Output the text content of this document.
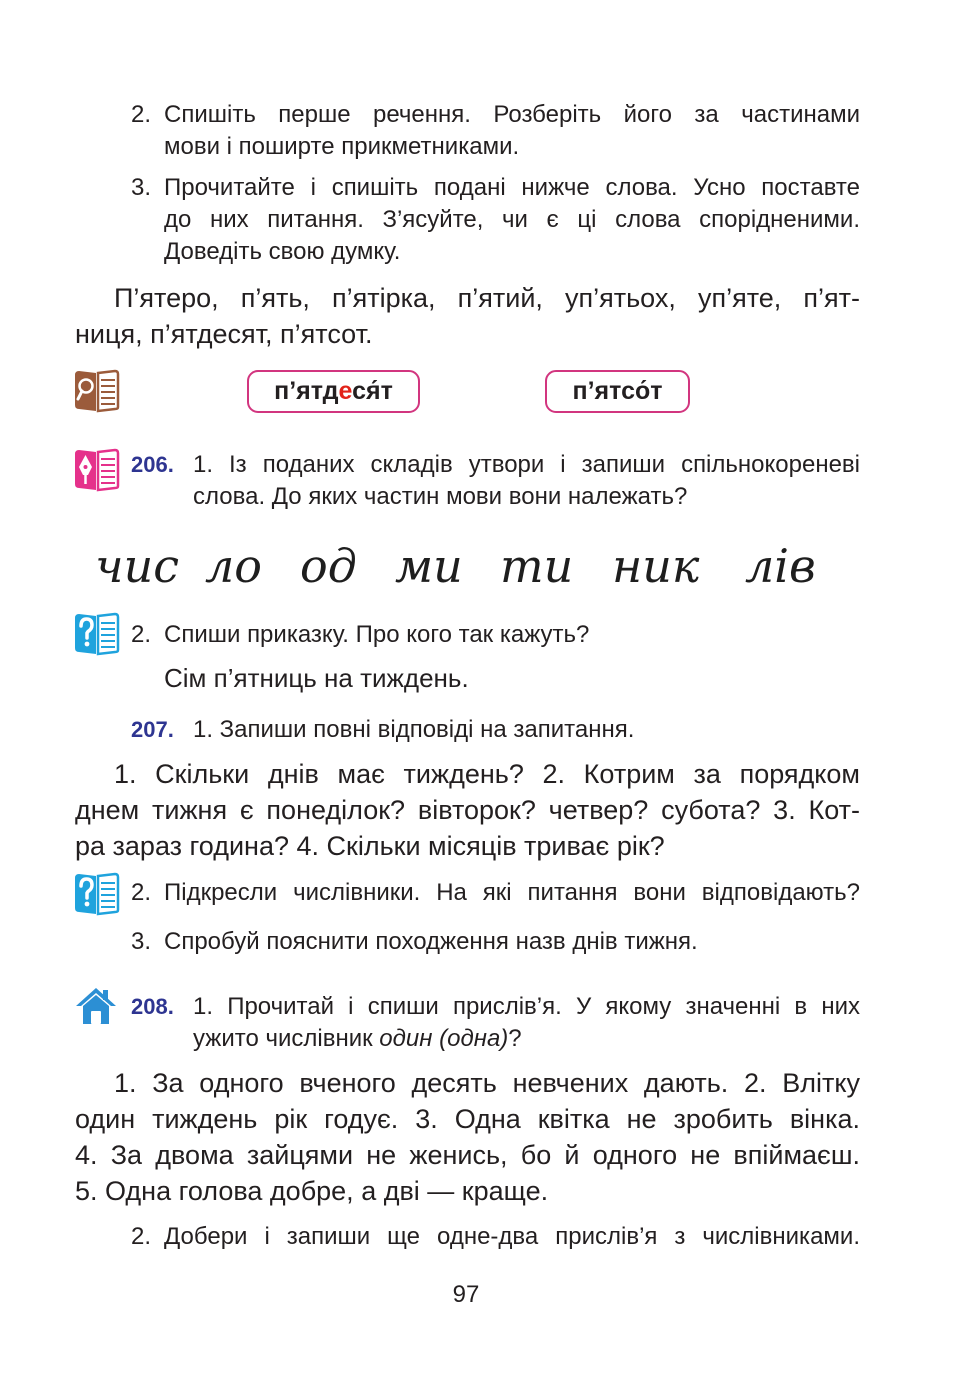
2. Спишіть перше речення. Розберіть його за частинами
мови і поширте прикметниками.
3. Прочитайте і спишіть подані нижче слова. Усно поставте
до них питання. З’ясуйте, чи є ці слова спорідненими.
Доведіть свою думку.
П’ятеро, п’ять, п’ятірка, п’ятий, уп’ятьох, уп’яте, п’ят-
ниця, п’ятдесят, п’ятсот.
п’ятдеся́т	п’ятсо́т
206. 1. Із поданих складів утвори і запиши спільнокореневі
слова. До яких частин мови вони належать?
чис ло од ми ти ник лів
2. Спиши приказку. Про кого так кажуть?
Сім п’ятниць на тиждень.
207. 1. Запиши повні відповіді на запитання.
1. Скільки днів має тиждень? 2. Котрим за порядком
днем тижня є понеділок? вівторок? четвер? субота? 3. Кот-
ра зараз година? 4. Скільки місяців триває рік?
2. Підкресли числівники. На які питання вони відповідають?
3. Спробуй пояснити походження назв днів тижня.
208. 1. Прочитай і спиши прислів’я. У якому значенні в них
ужито числівник один (одна)?
1. За одного вченого десять невчених дають. 2. Влітку
один тиждень рік годує. 3. Одна квітка не зробить вінка.
4. За двома зайцями не женись, бо й одного не впіймаєш.
5. Одна голова добре, а дві — краще.
2. Добери і запиши ще одне-два прислів’я з числівниками.
97
